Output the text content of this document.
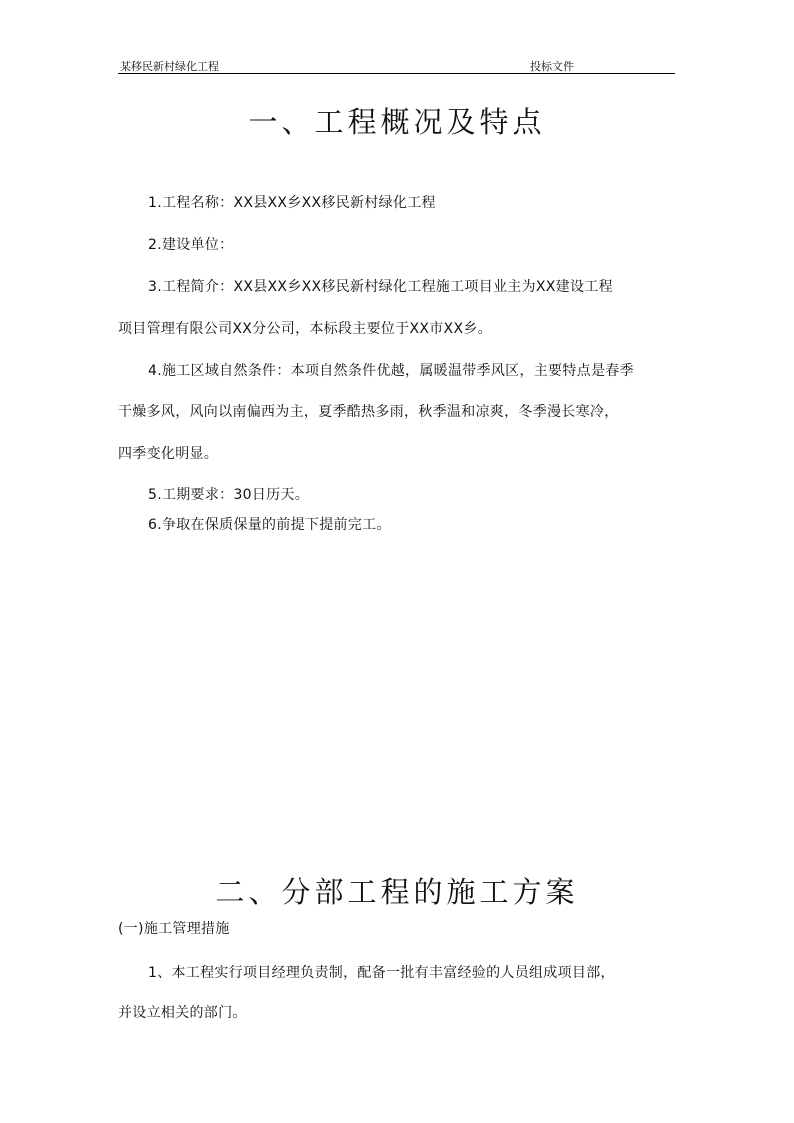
某移民新村绿化工程	投标文件
一、工程概况及特点
1.工程名称：XX县XX乡XX移民新村绿化工程
2.建设单位：
3.工程简介：XX县XX乡XX移民新村绿化工程施工项目业主为XX建设工程
项目管理有限公司XX分公司，本标段主要位于XX市XX乡。
4.施工区域自然条件：本项自然条件优越，属暖温带季风区，主要特点是春季
干燥多风，风向以南偏西为主，夏季酷热多雨，秋季温和凉爽，冬季漫长寒冷，
四季变化明显。
5.工期要求：30日历天。
6.争取在保质保量的前提下提前完工。
二、分部工程的施工方案
(一)施工管理措施
1、本工程实行项目经理负责制，配备一批有丰富经验的人员组成项目部，
并设立相关的部门。
